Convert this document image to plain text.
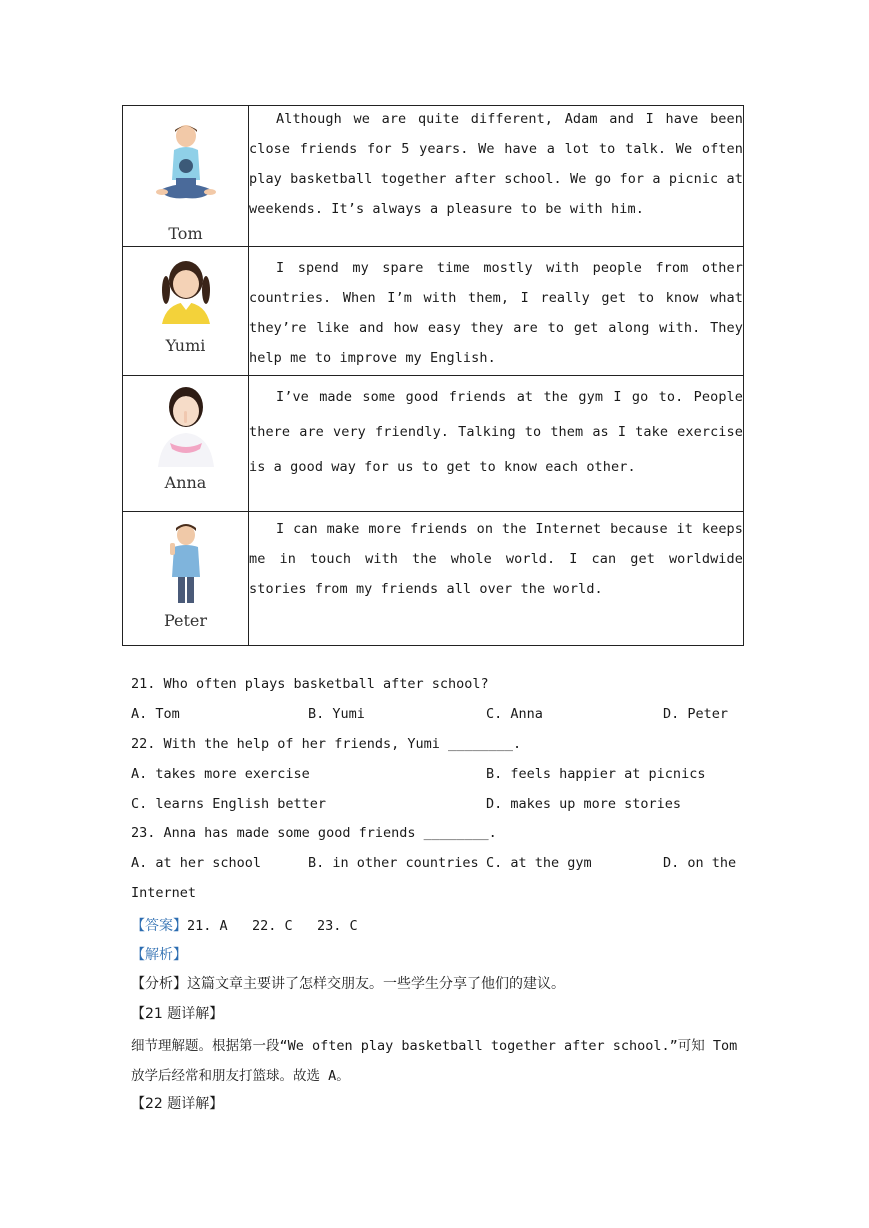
Tom	Although we are quite different, Adam and I have been close friends for 5 years. We have a lot to talk. We often play basketball together after school. We go for a picnic at weekends. It’s always a pleasure to be with him.

Yumi	I spend my spare time mostly with people from other countries. When I’m with them, I really get to know what they’re like and how easy they are to get along with. They help me to improve my English.

Anna	I’ve made some good friends at the gym I go to. People there are very friendly. Talking to them as I take exercise is a good way for us to get to know each other.

Peter	I can make more friends on the Internet because it keeps me in touch with the whole world. I can get worldwide stories from my friends all over the world.
21. Who often plays basketball after school?
A. Tom	B. Yumi	C. Anna	D. Peter
22. With the help of her friends, Yumi ________.
A. takes more exercise	B. feels happier at picnics
C. learns English better	D. makes up more stories
23. Anna has made some good friends ________.
A. at her school	B. in other countries C. at the gym	D. on the
Internet
【答案】21. A   22. C   23. C
【解析】
【分析】这篇文章主要讲了怎样交朋友。一些学生分享了他们的建议。
【21 题详解】
细节理解题。根据第一段“We often play basketball together after school.”可知 Tom
放学后经常和朋友打篮球。故选 A。
【22 题详解】
